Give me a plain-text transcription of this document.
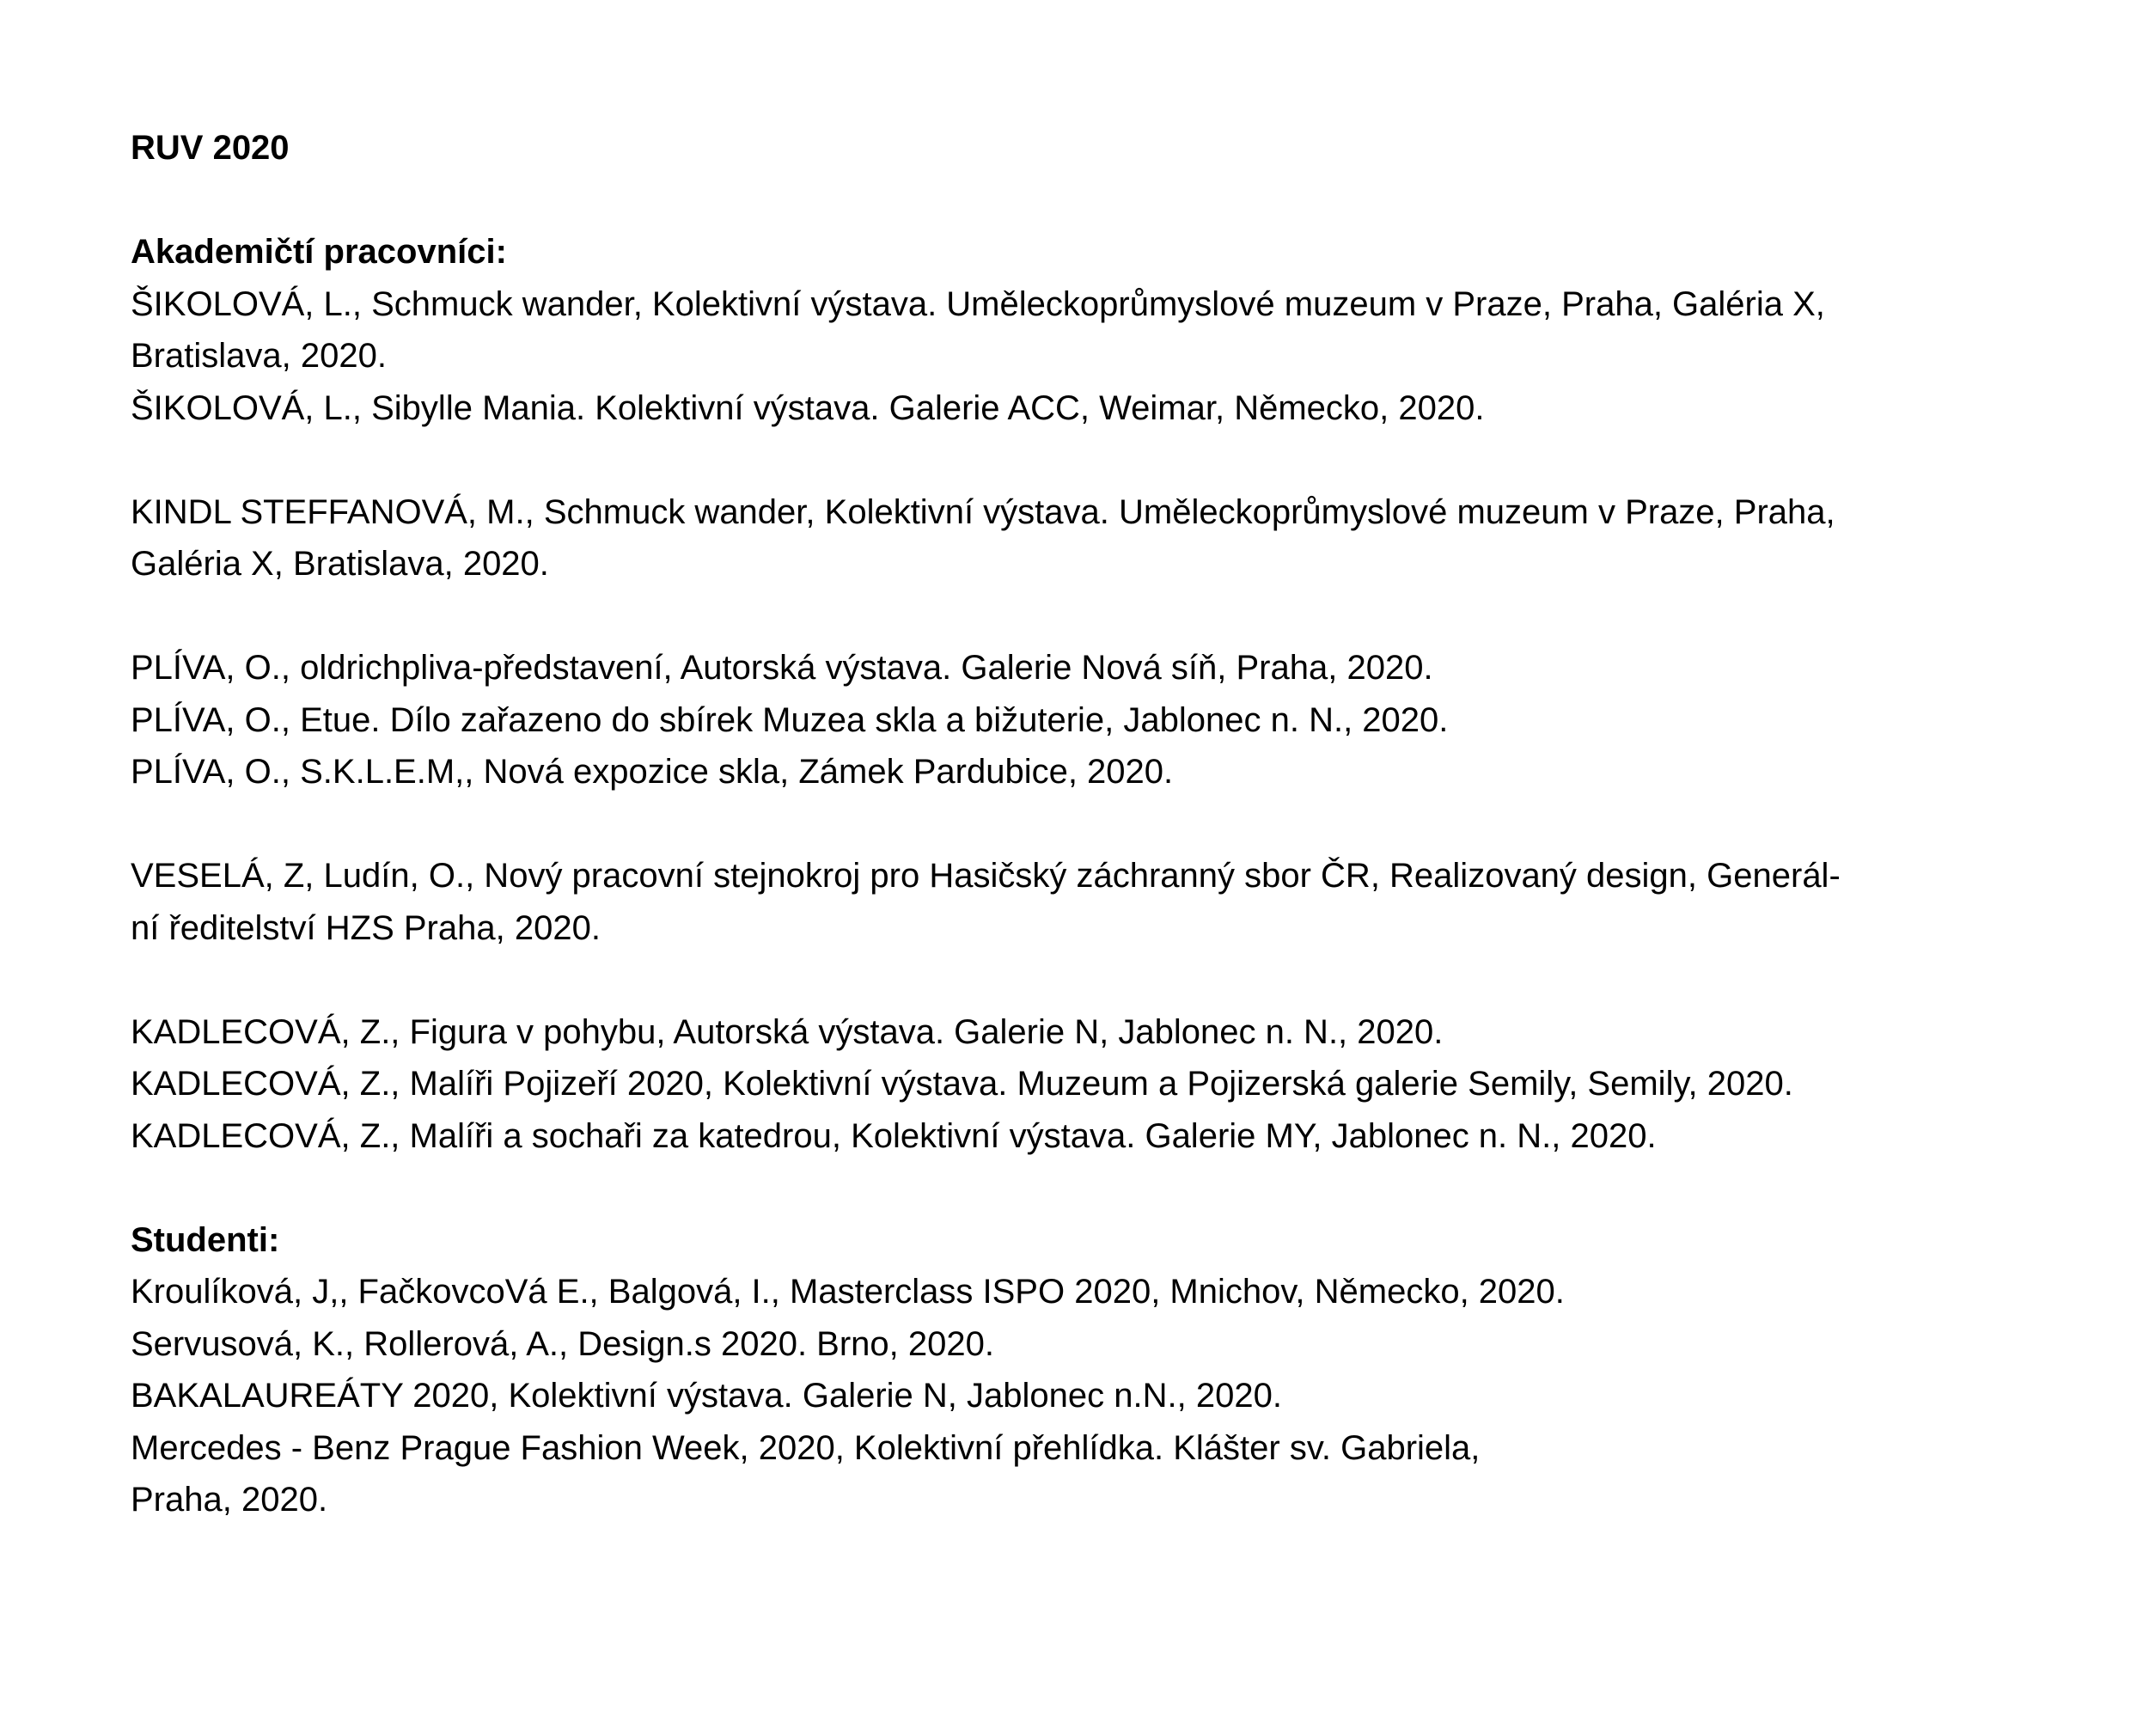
RUV 2020
Akademičtí pracovníci:
ŠIKOLOVÁ, L., Schmuck wander, Kolektivní výstava. Uměleckoprůmyslové muzeum v Praze, Praha, Galéria X,
Bratislava, 2020.
ŠIKOLOVÁ, L., Sibylle Mania. Kolektivní výstava. Galerie ACC, Weimar, Německo, 2020.
KINDL STEFFANOVÁ, M., Schmuck wander, Kolektivní výstava. Uměleckoprůmyslové muzeum v Praze, Praha,
Galéria X, Bratislava, 2020.
PLÍVA, O., oldrichpliva-představení, Autorská výstava. Galerie Nová síň, Praha, 2020.
PLÍVA, O., Etue. Dílo zařazeno do sbírek Muzea skla a bižuterie, Jablonec n. N., 2020.
PLÍVA, O., S.K.L.E.M,, Nová expozice skla, Zámek Pardubice, 2020.
VESELÁ, Z, Ludín, O., Nový pracovní stejnokroj pro Hasičský záchranný sbor ČR, Realizovaný design, Generál-
ní ředitelství HZS Praha, 2020.
KADLECOVÁ, Z., Figura v pohybu, Autorská výstava. Galerie N, Jablonec n. N., 2020.
KADLECOVÁ, Z., Malíři Pojizeří 2020, Kolektivní výstava. Muzeum a Pojizerská galerie Semily, Semily, 2020.
KADLECOVÁ, Z., Malíři a sochaři za katedrou, Kolektivní výstava. Galerie MY, Jablonec n. N., 2020.
Studenti:
Kroulíková, J,, FačkovcoVá E., Balgová, I., Masterclass ISPO 2020, Mnichov, Německo, 2020.
Servusová, K., Rollerová, A., Design.s 2020. Brno, 2020.
BAKALAUREÁTY 2020, Kolektivní výstava. Galerie N, Jablonec n.N., 2020.
Mercedes - Benz Prague Fashion Week, 2020, Kolektivní přehlídka. Klášter sv. Gabriela,
Praha, 2020.
